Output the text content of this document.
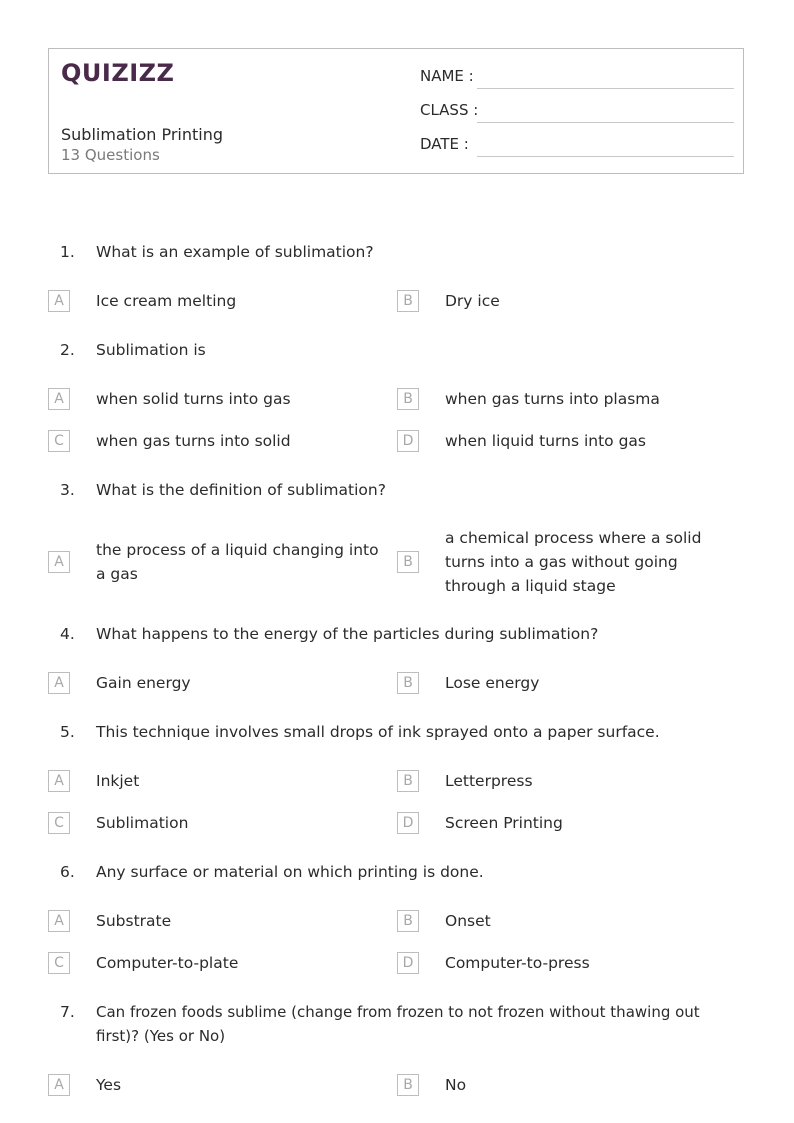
QUIZIZZ
Sublimation Printing
13 Questions
NAME :
CLASS :
DATE :
1.	What is an example of sublimation?
A	Ice cream melting	B	Dry ice
2.	Sublimation is
A	when solid turns into gas	B	when gas turns into plasma
C	when gas turns into solid	D	when liquid turns into gas
3.	What is the definition of sublimation?
A
the process of a liquid changing into a gas
B
a chemical process where a solid turns into a gas without going through a liquid stage
4.	What happens to the energy of the particles during sublimation?
A	Gain energy	B	Lose energy
5.	This technique involves small drops of ink sprayed onto a paper surface.
A	Inkjet	B	Letterpress
C	Sublimation	D	Screen Printing
6.	Any surface or material on which printing is done.
A	Substrate	B	Onset
C	Computer-to-plate	D	Computer-to-press
7.	Can frozen foods sublime (change from frozen to not frozen without thawing out first)? (Yes or No)
A	Yes	B	No
